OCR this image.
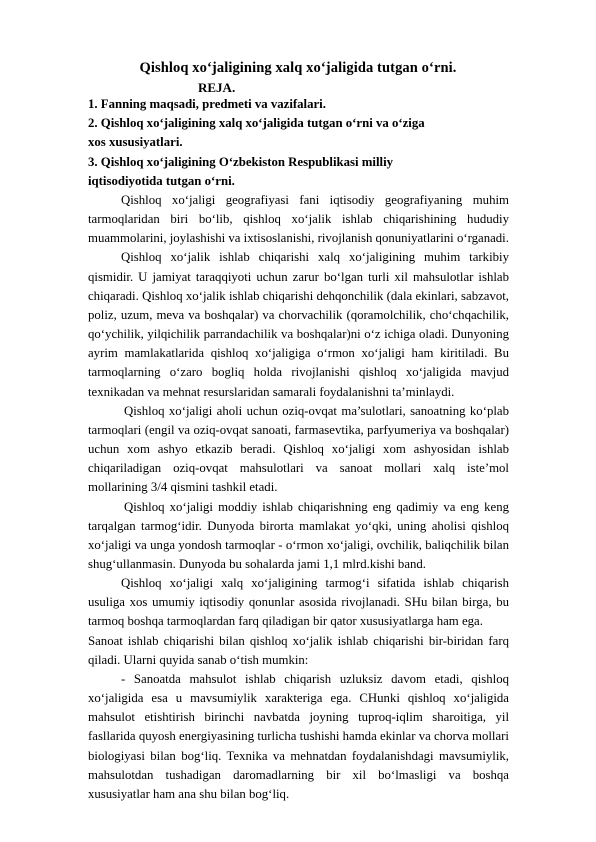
Qishloq xo‘jaligining xalq xo‘jaligida tutgan o‘rni.
REJA.
1. Fanning maqsadi, predmeti va vazifalari.
2. Qishloq xo‘jaligining xalq xo‘jaligida tutgan o‘rni va o‘ziga xos xususiyatlari.
3. Qishloq xo‘jaligining O‘zbekiston Respublikasi milliy iqtisodiyotida tutgan o‘rni.

Qishloq xo‘jaligi geografiyasi fani iqtisodiy geografiyaning muhim tarmoqlaridan biri bo‘lib, qishloq xo‘jalik ishlab chiqarishining hududiy muammolarini, joylashishi va ixtisoslanishi, rivojlanish qonuniyatlarini o‘rganadi.

Qishloq xo‘jalik ishlab chiqarishi xalq xo‘jaligining muhim tarkibiy qismidir. U jamiyat taraqqiyoti uchun zarur bo‘lgan turli xil mahsulotlar ishlab chiqaradi. Qishloq xo‘jalik ishlab chiqarishi dehqonchilik (dala ekinlari, sabzavot, poliz, uzum, meva va boshqalar) va chorvachilik (qoramolchilik, cho‘chqachilik, qo‘ychilik, yilqichilik parrandachilik va boshqalar)ni o‘z ichiga oladi. Dunyoning ayrim mamlakatlarida qishloq xo‘jaligiga o‘rmon xo‘jaligi ham kiritiladi. Bu tarmoqlarning o‘zaro bogliq holda rivojlanishi qishloq xo‘jaligida mavjud texnikadan va mehnat resurslaridan samarali foydalanishni ta’minlaydi.

Qishloq xo‘jaligi aholi uchun oziq-ovqat ma’sulotlari, sanoatning ko‘plab tarmoqlari (engil va oziq-ovqat sanoati, farmasevtika, parfyumeriya va boshqalar) uchun xom ashyo etkazib beradi. Qishloq xo‘jaligi xom ashyosidan ishlab chiqariladigan oziq-ovqat mahsulotlari va sanoat mollari xalq iste’mol mollarining 3/4 qismini tashkil etadi.

Qishloq xo‘jaligi moddiy ishlab chiqarishning eng qadimiy va eng keng tarqalgan tarmog‘idir. Dunyoda birorta mamlakat yo‘qki, uning aholisi qishloq xo‘jaligi va unga yondosh tarmoqlar - o‘rmon xo‘jaligi, ovchilik, baliqchilik bilan shug‘ullanmasin. Dunyoda bu sohalarda jami 1,1 mlrd.kishi band.

Qishloq xo‘jaligi xalq xo‘jaligining tarmog‘i sifatida ishlab chiqarish usuliga xos umumiy iqtisodiy qonunlar asosida rivojlanadi. SHu bilan birga, bu tarmoq boshqa tarmoqlardan farq qiladigan bir qator xususiyatlarga ham ega.

Sanoat ishlab chiqarishi bilan qishloq xo‘jalik ishlab chiqarishi bir-biridan farq qiladi. Ularni quyida sanab o‘tish mumkin:

- Sanoatda mahsulot ishlab chiqarish uzluksiz davom etadi, qishloq xo‘jaligida esa u mavsumiylik xarakteriga ega. CHunki qishloq xo‘jaligida mahsulot etishtirish birinchi navbatda joyning tuproq-iqlim sharoitiga, yil fasllarida quyosh energiyasining turlicha tushishi hamda ekinlar va chorva mollari biologiyasi bilan bog‘liq. Texnika va mehnatdan foydalanishdagi mavsumiylik, mahsulotdan tushadigan daromadlarning bir xil bo‘lmasligi va boshqa xususiyatlar ham ana shu bilan bog‘liq.
